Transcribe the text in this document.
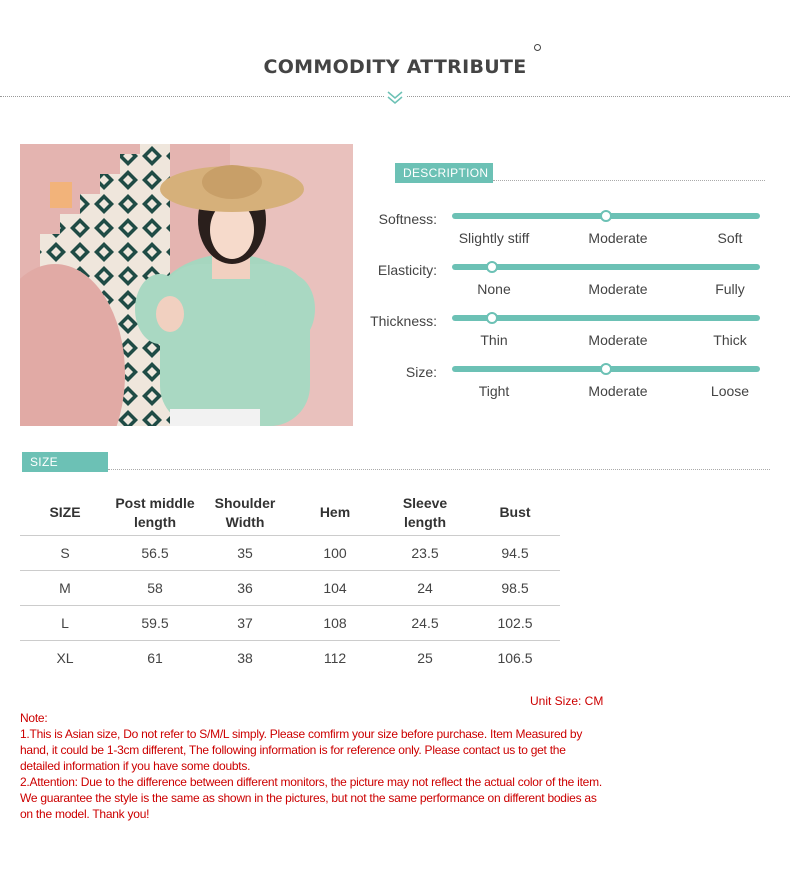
COMMODITY ATTRIBUTE
DESCRIPTION
Softness:
Slightly stiff	Moderate	Soft
Elasticity:
None	Moderate	Fully
Thickness:
Thin	Moderate	Thick
Size:
Tight	Moderate	Loose
SIZE FILTER
SIZE	Post middle length	Shoulder Width	Hem	Sleeve length	Bust
S	56.5	35	100	23.5	94.5
M	58	36	104	24	98.5
L	59.5	37	108	24.5	102.5
XL	61	38	112	25	106.5
Unit Size: CM
Note:
1.This is Asian size, Do not refer to S/M/L simply. Please comfirm your size before purchase. Item Measured by hand, it could be 1-3cm different, The following information is for reference only. Please contact us to get the detailed information if you have some doubts.
2.Attention: Due to the difference between different monitors, the picture may not reflect the actual color of the item. We guarantee the style is the same as shown in the pictures, but not the same performance on different bodies as on the model. Thank you!
